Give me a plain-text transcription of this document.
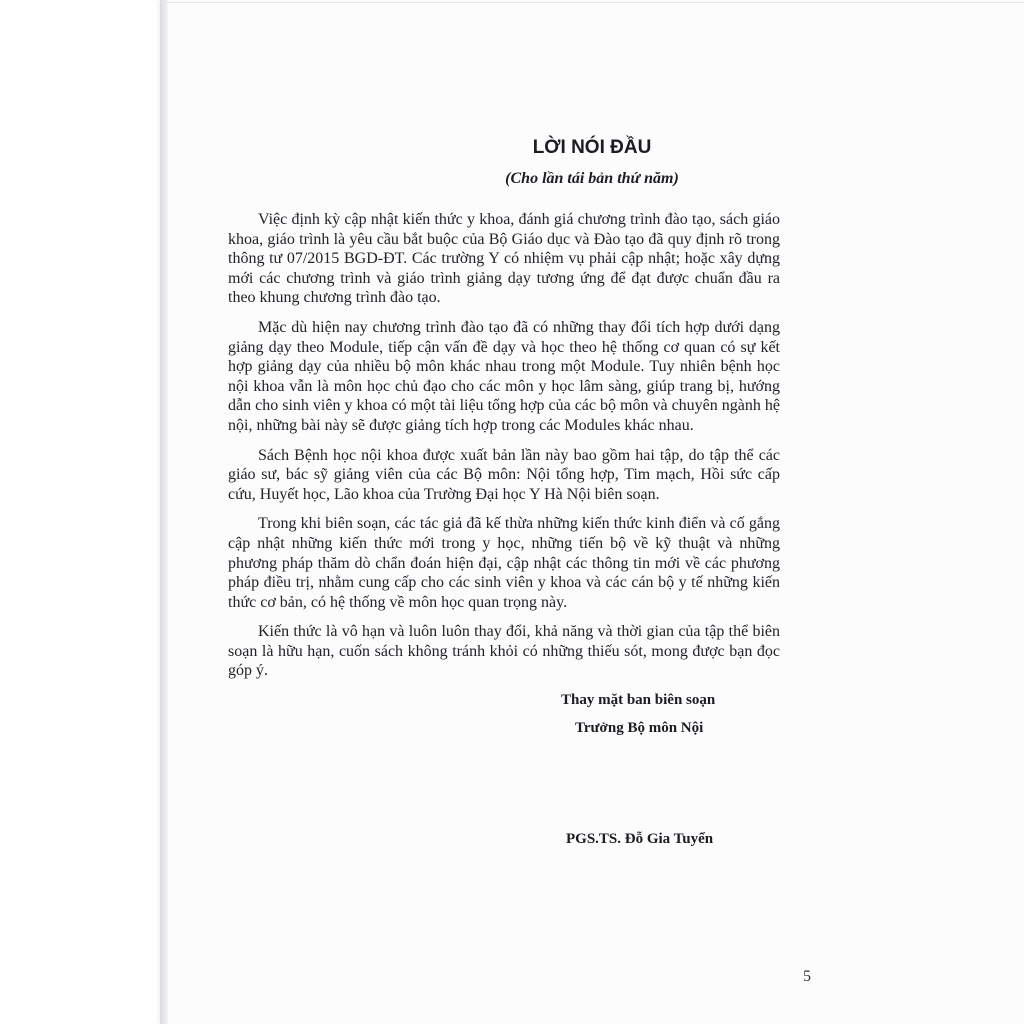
LỜI NÓI ĐẦU
(Cho lần tái bản thứ năm)

Việc định kỳ cập nhật kiến thức y khoa, đánh giá chương trình đào tạo, sách giáo khoa, giáo trình là yêu cầu bắt buộc của Bộ Giáo dục và Đào tạo đã quy định rõ trong thông tư 07/2015 BGD-ĐT. Các trường Y có nhiệm vụ phải cập nhật; hoặc xây dựng mới các chương trình và giáo trình giảng dạy tương ứng để đạt được chuẩn đầu ra theo khung chương trình đào tạo.

Mặc dù hiện nay chương trình đào tạo đã có những thay đổi tích hợp dưới dạng giảng dạy theo Module, tiếp cận vấn đề dạy và học theo hệ thống cơ quan có sự kết hợp giảng dạy của nhiều bộ môn khác nhau trong một Module. Tuy nhiên bệnh học nội khoa vẫn là môn học chủ đạo cho các môn y học lâm sàng, giúp trang bị, hướng dẫn cho sinh viên y khoa có một tài liệu tổng hợp của các bộ môn và chuyên ngành hệ nội, những bài này sẽ được giảng tích hợp trong các Modules khác nhau.

Sách Bệnh học nội khoa được xuất bản lần này bao gồm hai tập, do tập thể các giáo sư, bác sỹ giảng viên của các Bộ môn: Nội tổng hợp, Tim mạch, Hồi sức cấp cứu, Huyết học, Lão khoa của Trường Đại học Y Hà Nội biên soạn.

Trong khi biên soạn, các tác giả đã kế thừa những kiến thức kinh điển và cố gắng cập nhật những kiến thức mới trong y học, những tiến bộ về kỹ thuật và những phương pháp thăm dò chẩn đoán hiện đại, cập nhật các thông tin mới về các phương pháp điều trị, nhằm cung cấp cho các sinh viên y khoa và các cán bộ y tế những kiến thức cơ bản, có hệ thống về môn học quan trọng này.

Kiến thức là vô hạn và luôn luôn thay đổi, khả năng và thời gian của tập thể biên soạn là hữu hạn, cuốn sách không tránh khỏi có những thiếu sót, mong được bạn đọc góp ý.

Thay mặt ban biên soạn
Trưởng Bộ môn Nội
PGS.TS. Đỗ Gia Tuyển
5
